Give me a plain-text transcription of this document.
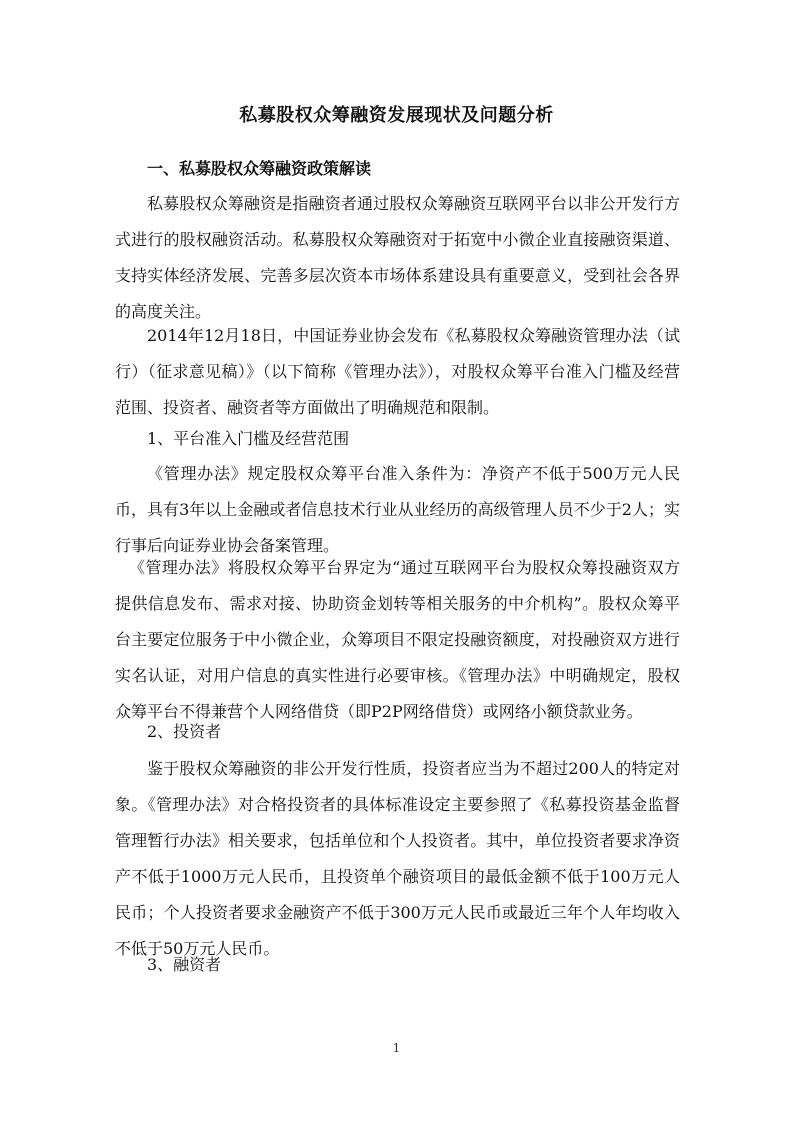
私募股权众筹融资发展现状及问题分析
一、私募股权众筹融资政策解读
私募股权众筹融资是指融资者通过股权众筹融资互联网平台以非公开发行方式进行的股权融资活动。私募股权众筹融资对于拓宽中小微企业直接融资渠道、支持实体经济发展、完善多层次资本市场体系建设具有重要意义，受到社会各界的高度关注。
2014年12月18日，中国证券业协会发布《私募股权众筹融资管理办法（试行）（征求意见稿）》（以下简称《管理办法》），对股权众筹平台准入门槛及经营范围、投资者、融资者等方面做出了明确规范和限制。
1、平台准入门槛及经营范围
《管理办法》规定股权众筹平台准入条件为：净资产不低于500万元人民币，具有3年以上金融或者信息技术行业从业经历的高级管理人员不少于2人；实行事后向证券业协会备案管理。
《管理办法》将股权众筹平台界定为“通过互联网平台为股权众筹投融资双方提供信息发布、需求对接、协助资金划转等相关服务的中介机构”。股权众筹平台主要定位服务于中小微企业，众筹项目不限定投融资额度，对投融资双方进行实名认证，对用户信息的真实性进行必要审核。《管理办法》中明确规定，股权众筹平台不得兼营个人网络借贷（即P2P网络借贷）或网络小额贷款业务。
2、投资者
鉴于股权众筹融资的非公开发行性质，投资者应当为不超过200人的特定对象。《管理办法》对合格投资者的具体标准设定主要参照了《私募投资基金监督管理暂行办法》相关要求，包括单位和个人投资者。其中，单位投资者要求净资产不低于1000万元人民币，且投资单个融资项目的最低金额不低于100万元人民币；个人投资者要求金融资产不低于300万元人民币或最近三年个人年均收入不低于50万元人民币。
3、融资者
1
